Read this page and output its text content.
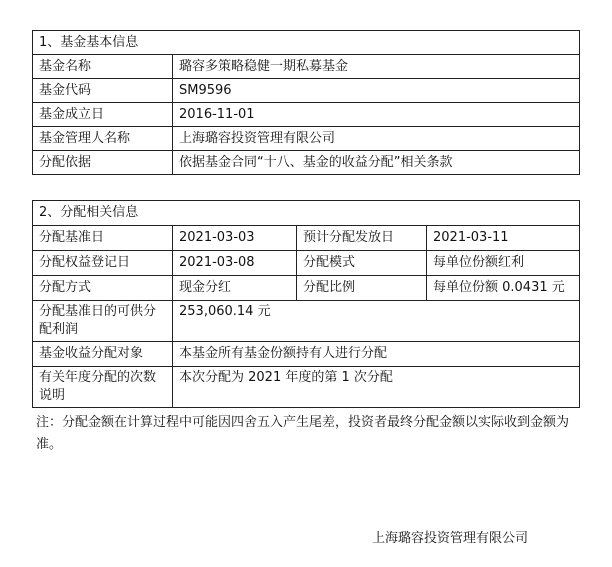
1、基金基本信息	
基金名称	璐容多策略稳健一期私募基金
基金代码	SM9596
基金成立日	2016-11-01
基金管理人名称	上海璐容投资管理有限公司
分配依据	依据基金合同“十八、基金的收益分配”相关条款
2、分配相关信息			
分配基准日	2021-03-03	预计分配发放日	2021-03-11
分配权益登记日	2021-03-08	分配模式	每单位份额红利
分配方式	现金分红	分配比例	每单位份额 0.0431 元
分配基准日的可供分配利润	253,060.14 元		
基金收益分配对象	本基金所有基金份额持有人进行分配		
有关年度分配的次数说明	本次分配为 2021 年度的第 1 次分配		
注：分配金额在计算过程中可能因四舍五入产生尾差，投资者最终分配金额以实际收到金额为准。
上海璐容投资管理有限公司
